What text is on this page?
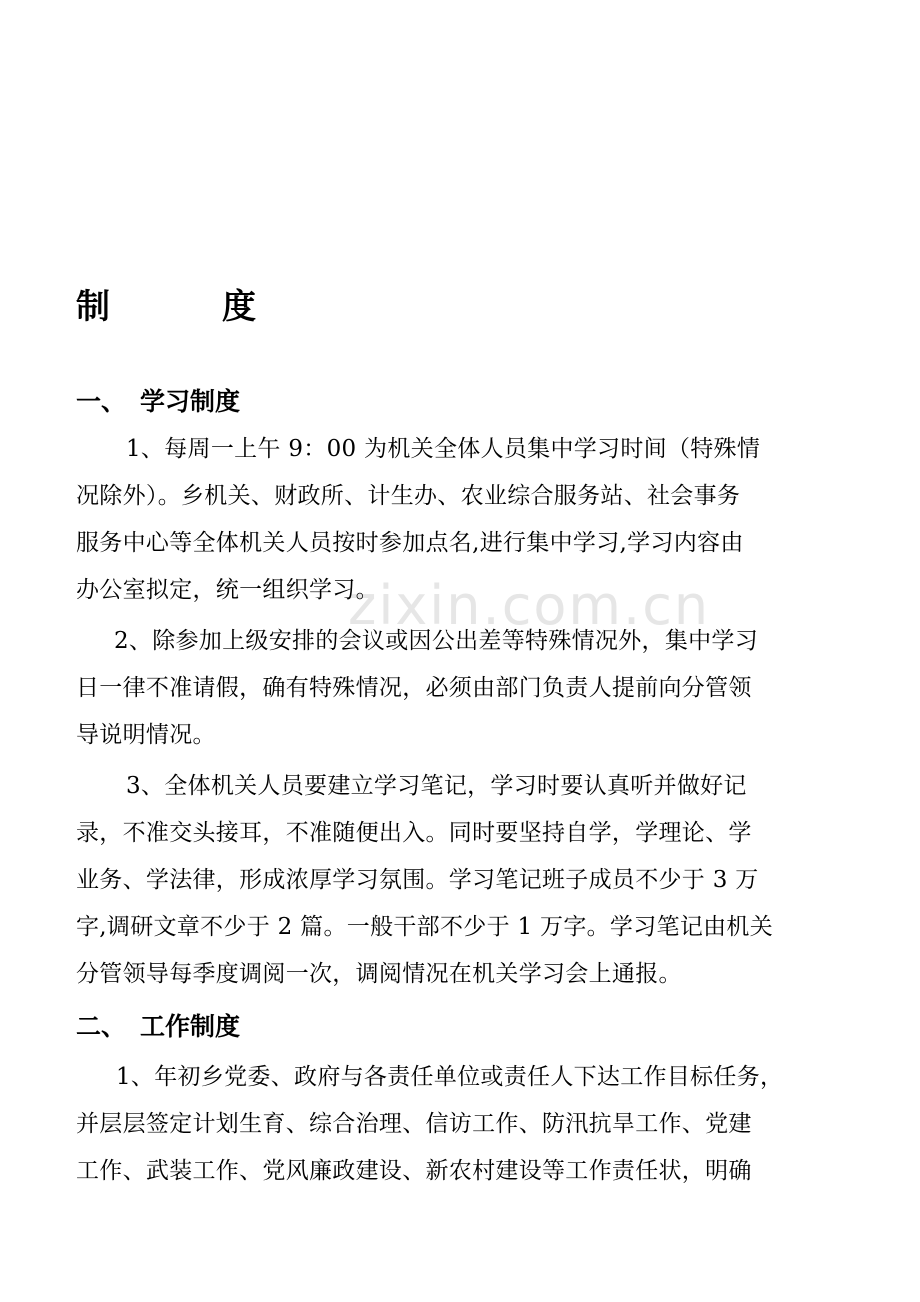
zixin.com.cn
制	度
一、 学习制度
1、每周一上午 9：00 为机关全体人员集中学习时间（特殊情
况除外）。乡机关、财政所、计生办、农业综合服务站、社会事务
服务中心等全体机关人员按时参加点名,进行集中学习,学习内容由
办公室拟定，统一组织学习。
2、除参加上级安排的会议或因公出差等特殊情况外，集中学习
日一律不准请假，确有特殊情况，必须由部门负责人提前向分管领
导说明情况。
3、全体机关人员要建立学习笔记，学习时要认真听并做好记
录，不准交头接耳，不准随便出入。同时要坚持自学，学理论、学
业务、学法律，形成浓厚学习氛围。学习笔记班子成员不少于 3 万
字,调研文章不少于 2 篇。一般干部不少于 1 万字。学习笔记由机关
分管领导每季度调阅一次，调阅情况在机关学习会上通报。
二、 工作制度
1、年初乡党委、政府与各责任单位或责任人下达工作目标任务，
并层层签定计划生育、综合治理、信访工作、防汛抗旱工作、党建
工作、武装工作、党风廉政建设、新农村建设等工作责任状，明确
